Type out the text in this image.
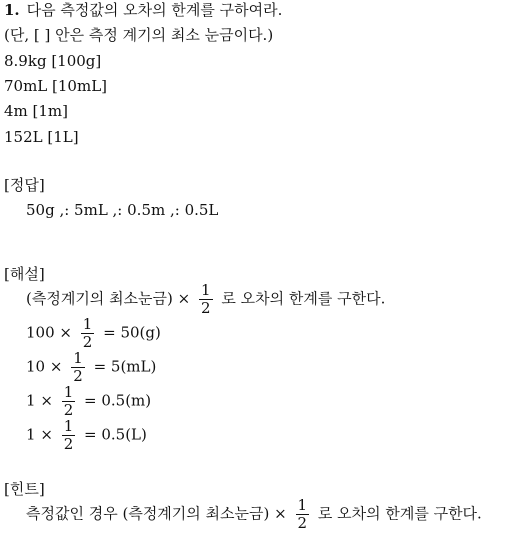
1. 다음 측정값의 오차의 한계를 구하여라.
(단, [ ] 안은 측정 계기의 최소 눈금이다.)
8.9kg [100g]
70mL [10mL]
4m [1m]
152L [1L]
[정답]
50g ,: 5mL ,: 0.5m ,: 0.5L
[해설]
(측정계기의 최소눈금) × $\frac{1}{2}$ 로 오차의 한계를 구한다.
$100 \times \frac{1}{2} = 50(g)$
$10 \times \frac{1}{2} = 5(mL)$
$1 \times \frac{1}{2} = 0.5(m)$
$1 \times \frac{1}{2} = 0.5(L)$
[힌트]
측정값인 경우 (측정계기의 최소눈금) × $\frac{1}{2}$ 로 오차의 한계를 구한다.
